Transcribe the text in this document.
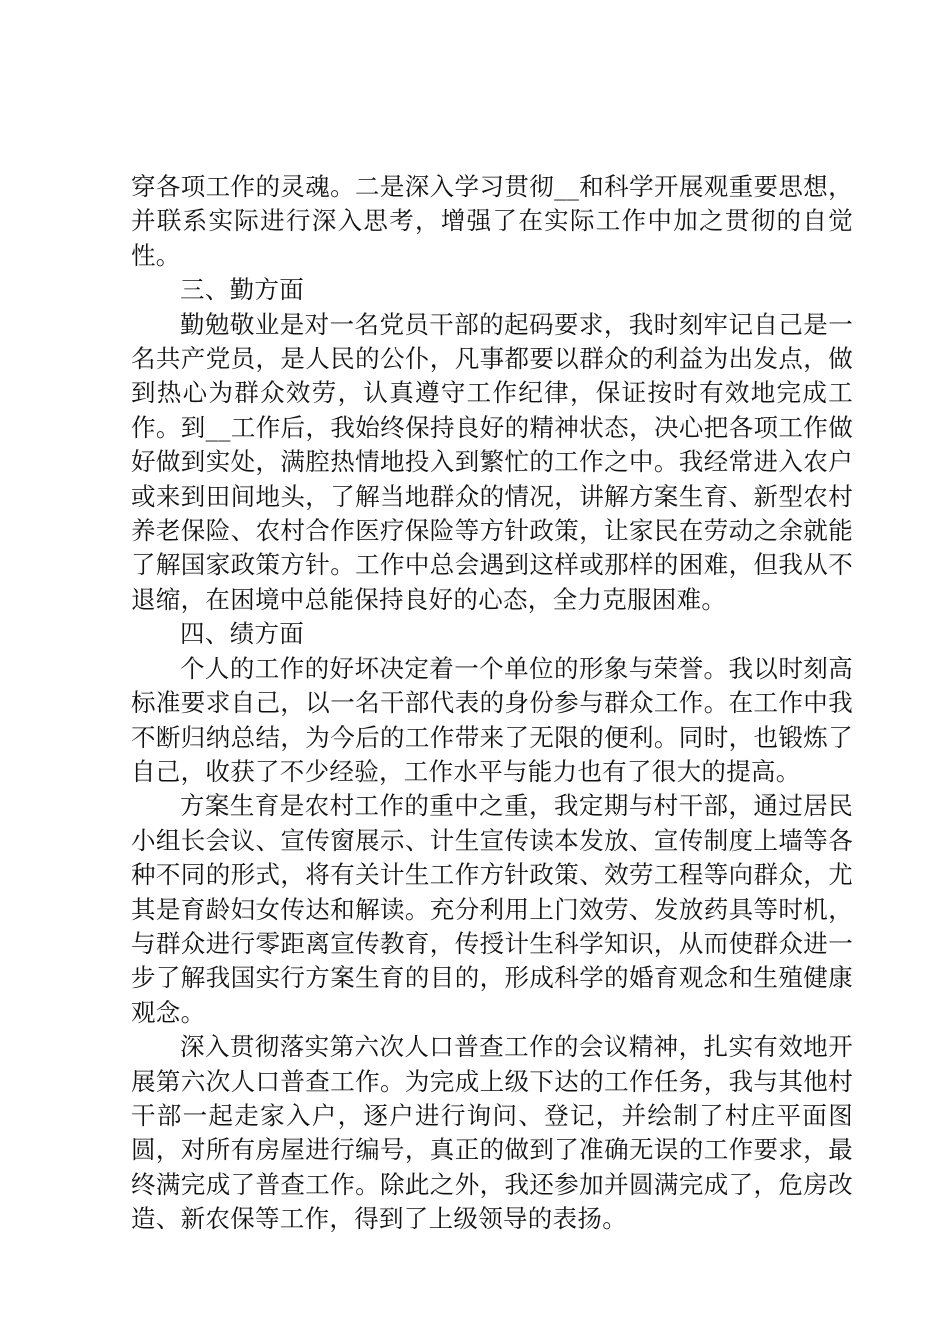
穿各项工作的灵魂。二是深入学习贯彻__和科学开展观重要思想，并联系实际进行深入思考，增强了在实际工作中加之贯彻的自觉性。

三、勤方面

勤勉敬业是对一名党员干部的起码要求，我时刻牢记自己是一名共产党员，是人民的公仆，凡事都要以群众的利益为出发点，做到热心为群众效劳，认真遵守工作纪律，保证按时有效地完成工作。到__工作后，我始终保持良好的精神状态，决心把各项工作做好做到实处，满腔热情地投入到繁忙的工作之中。我经常进入农户或来到田间地头，了解当地群众的情况，讲解方案生育、新型农村养老保险、农村合作医疗保险等方针政策，让家民在劳动之余就能了解国家政策方针。工作中总会遇到这样或那样的困难，但我从不退缩，在困境中总能保持良好的心态，全力克服困难。

四、绩方面

个人的工作的好坏决定着一个单位的形象与荣誉。我以时刻高标准要求自己，以一名干部代表的身份参与群众工作。在工作中我不断归纳总结，为今后的工作带来了无限的便利。同时，也锻炼了自己，收获了不少经验，工作水平与能力也有了很大的提高。

方案生育是农村工作的重中之重，我定期与村干部，通过居民小组长会议、宣传窗展示、计生宣传读本发放、宣传制度上墙等各种不同的形式，将有关计生工作方针政策、效劳工程等向群众，尤其是育龄妇女传达和解读。充分利用上门效劳、发放药具等时机，与群众进行零距离宣传教育，传授计生科学知识，从而使群众进一步了解我国实行方案生育的目的，形成科学的婚育观念和生殖健康观念。

深入贯彻落实第六次人口普查工作的会议精神，扎实有效地开展第六次人口普查工作。为完成上级下达的工作任务，我与其他村干部一起走家入户，逐户进行询问、登记，并绘制了村庄平面图圆，对所有房屋进行编号，真正的做到了准确无误的工作要求，最终满完成了普查工作。除此之外，我还参加并圆满完成了，危房改造、新农保等工作，得到了上级领导的表扬。
